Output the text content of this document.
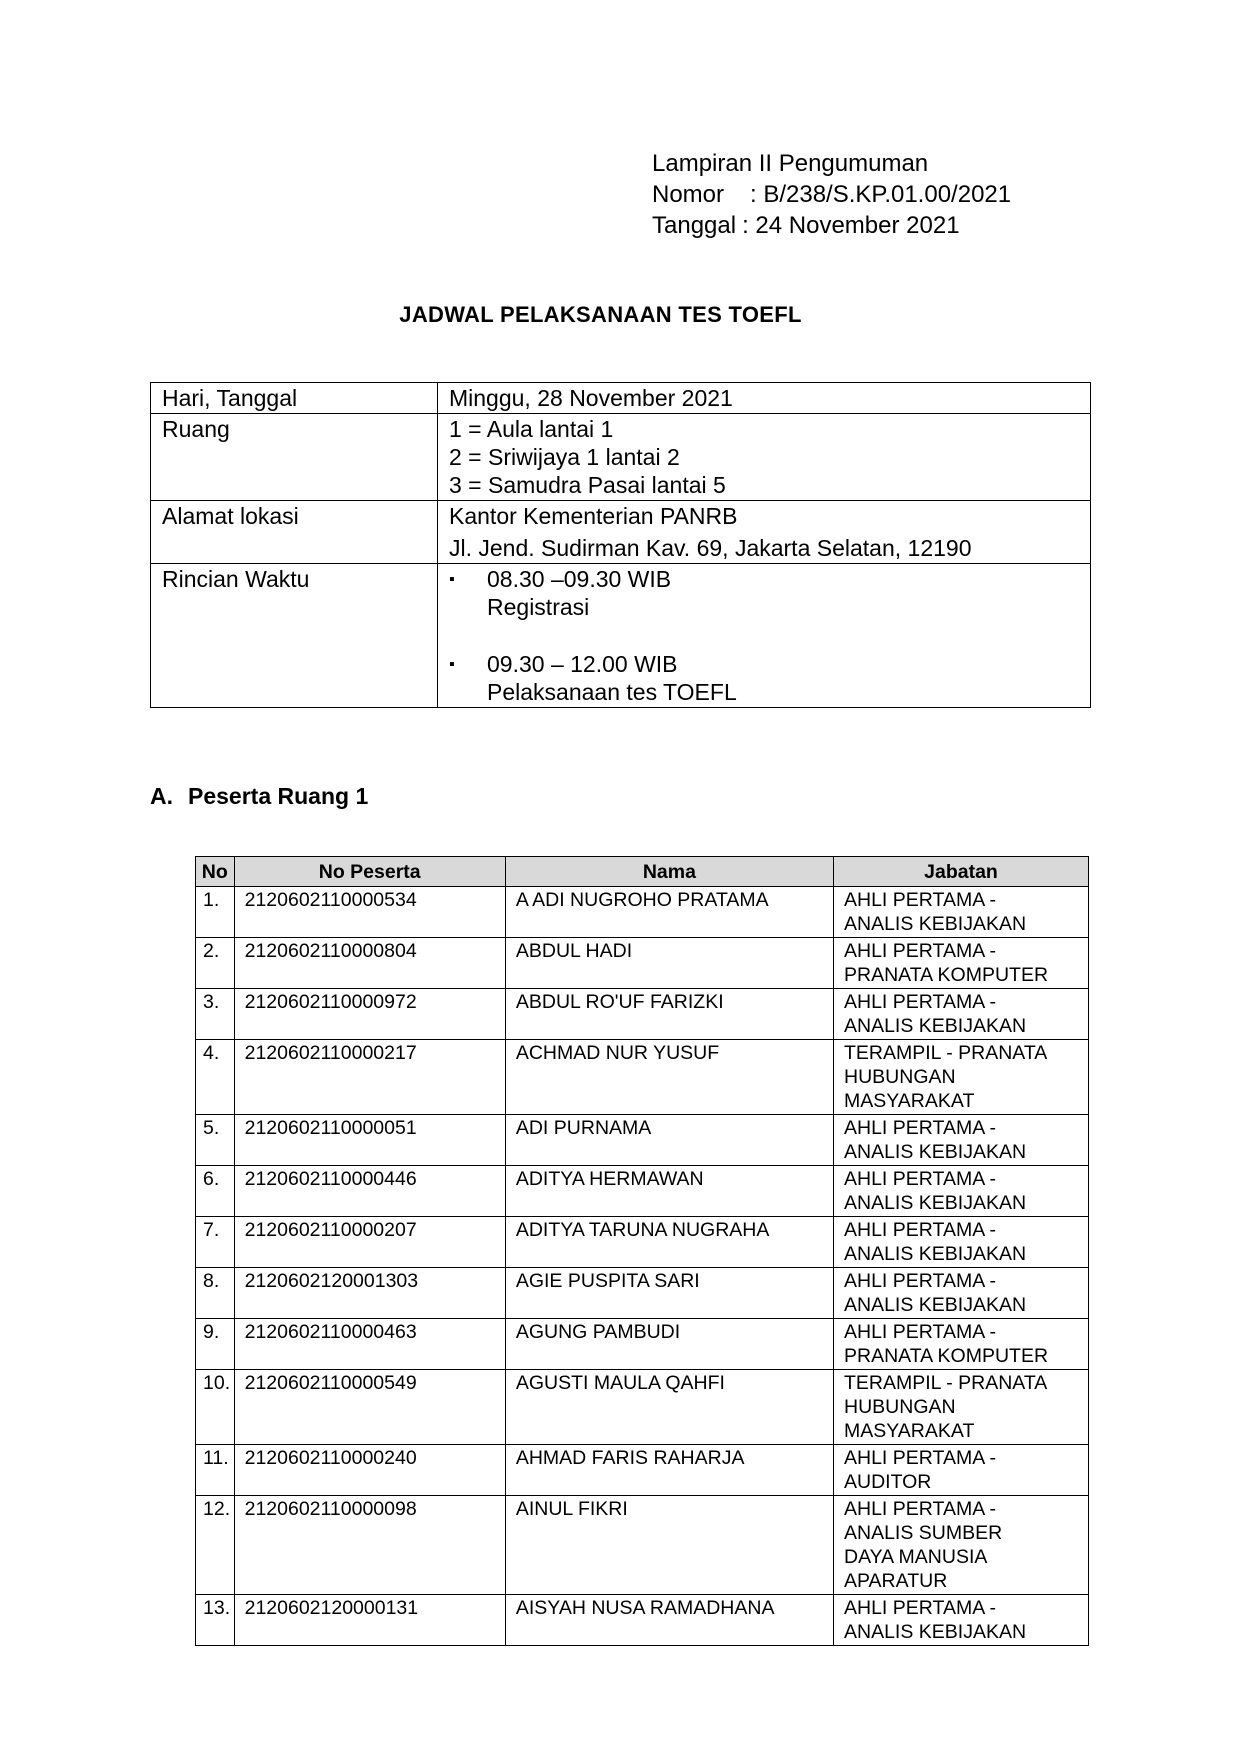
Lampiran II Pengumuman
Nomor	: B/238/S.KP.01.00/2021
Tanggal : 24 November 2021
JADWAL PELAKSANAAN TES TOEFL
Hari, Tanggal	Minggu, 28 November 2021
Ruang	1 = Aula lantai 1
2 = Sriwijaya 1 lantai 2
3 = Samudra Pasai lantai 5

Alamat lokasi	Kantor Kementerian PANRB
Jl. Jend. Sudirman Kav. 69, Jakarta Selatan, 12190

Rincian Waktu	
▪08.30 –09.30 WIB
Registrasi
▪
09.30 – 12.00 WIB
Pelaksanaan tes TOEFL
A. Peserta Ruang 1
No	No Peserta	Nama	Jabatan
1.	2120602110000534	A ADI NUGROHO PRATAMA	AHLI PERTAMA -
ANALIS KEBIJAKAN
2.	2120602110000804	ABDUL HADI	AHLI PERTAMA -
PRANATA KOMPUTER
3.	2120602110000972	ABDUL RO'UF FARIZKI	AHLI PERTAMA -
ANALIS KEBIJAKAN
4.	2120602110000217	ACHMAD NUR YUSUF	TERAMPIL - PRANATA
HUBUNGAN
MASYARAKAT
5.	2120602110000051	ADI PURNAMA	AHLI PERTAMA -
ANALIS KEBIJAKAN
6.	2120602110000446	ADITYA HERMAWAN	AHLI PERTAMA -
ANALIS KEBIJAKAN
7.	2120602110000207	ADITYA TARUNA NUGRAHA	AHLI PERTAMA -
ANALIS KEBIJAKAN
8.	2120602120001303	AGIE PUSPITA SARI	AHLI PERTAMA -
ANALIS KEBIJAKAN
9.	2120602110000463	AGUNG PAMBUDI	AHLI PERTAMA -
PRANATA KOMPUTER
10.	2120602110000549	AGUSTI MAULA QAHFI	TERAMPIL - PRANATA
HUBUNGAN
MASYARAKAT
11.	2120602110000240	AHMAD FARIS RAHARJA	AHLI PERTAMA -
AUDITOR
12.	2120602110000098	AINUL FIKRI	AHLI PERTAMA -
ANALIS SUMBER
DAYA MANUSIA
APARATUR
13.	2120602120000131	AISYAH NUSA RAMADHANA	AHLI PERTAMA -
ANALIS KEBIJAKAN
